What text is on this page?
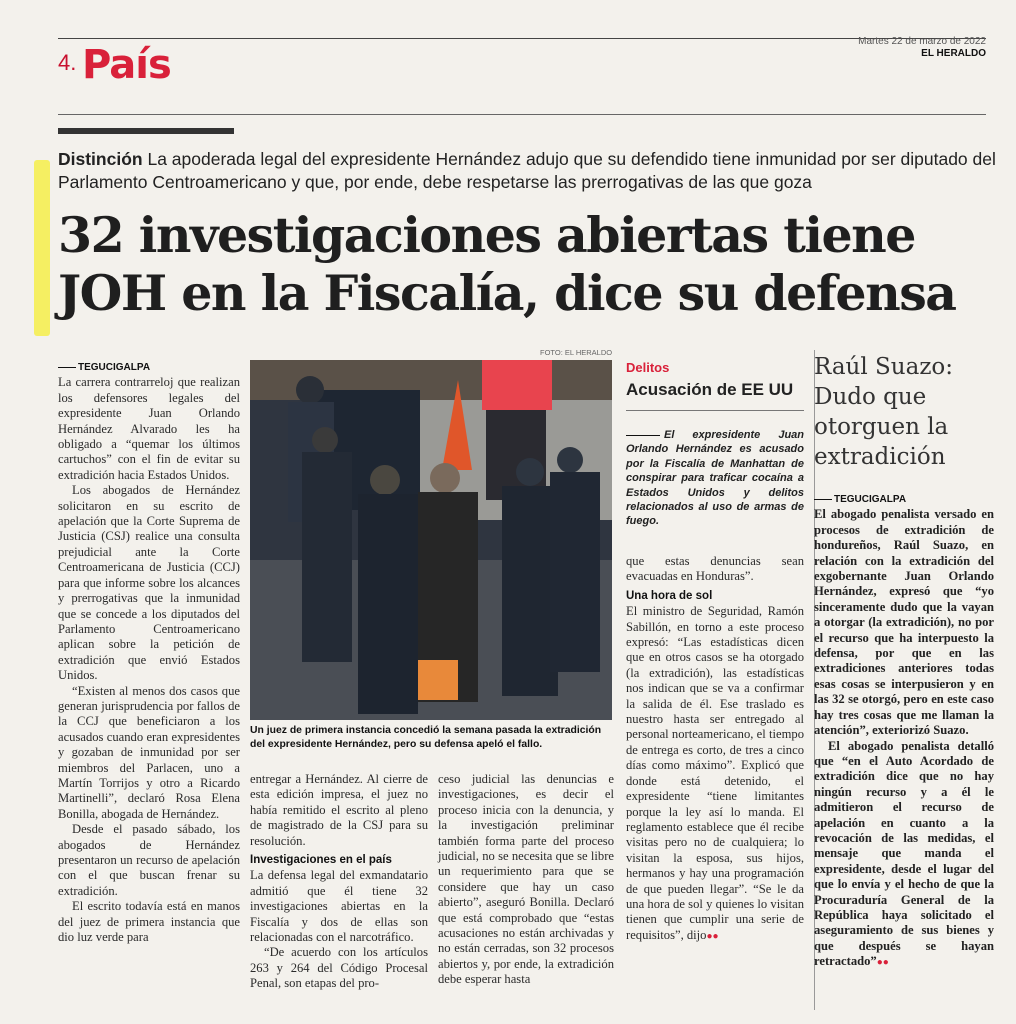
4. País
Martes 22 de marzo de 2022
EL HERALDO
Distinción La apoderada legal del expresidente Hernández adujo que su defendido tiene inmunidad por ser diputado del Parlamento Centroamericano y que, por ende, debe respetarse las prerrogativas de las que goza
32 investigaciones abiertas tiene
JOH en la Fiscalía, dice su defensa
TEGUCIGALPA

La carrera contrarreloj que realizan los defensores legales del expresidente Juan Orlando Hernández Alvarado les ha obligado a “quemar los últimos cartuchos” con el fin de evitar su extradición hacia Estados Unidos.

Los abogados de Hernández solicitaron en su escrito de apelación que la Corte Suprema de Justicia (CSJ) realice una consulta prejudicial ante la Corte Centroamericana de Justicia (CCJ) para que informe sobre los alcances y prerrogativas que la inmunidad que se concede a los diputados del Parlamento Centroamericano aplican sobre la petición de extradición que envió Estados Unidos.

“Existen al menos dos casos que generan jurisprudencia por fallos de la CCJ que beneficiaron a los acusados cuando eran expresidentes y gozaban de inmunidad por ser miembros del Parlacen, uno a Martín Torrijos y otro a Ricardo Martinelli”, declaró Rosa Elena Bonilla, abogada de Hernández.

Desde el pasado sábado, los abogados de Hernández presentaron un recurso de apelación con el que buscan frenar su extradición.

El escrito todavía está en manos del juez de primera instancia que dio luz verde para

FOTO: EL HERALDO
Un juez de primera instancia concedió la semana pasada la extradición del expresidente Hernández, pero su defensa apeló el fallo.

entregar a Hernández. Al cierre de esta edición impresa, el juez no había remitido el escrito al pleno de magistrado de la CSJ para su resolución.

Investigaciones en el país

La defensa legal del exmandatario admitió que él tiene 32 investigaciones abiertas en la Fiscalía y dos de ellas son relacionadas con el narcotráfico.

“De acuerdo con los artículos 263 y 264 del Código Procesal Penal, son etapas del pro-

ceso judicial las denuncias e investigaciones, es decir el proceso inicia con la denuncia, y la investigación preliminar también forma parte del proceso judicial, no se necesita que se libre un requerimiento para que se considere que hay un caso abierto”, aseguró Bonilla. Declaró que está comprobado que “estas acusaciones no están archivadas y no están cerradas, son 32 procesos abiertos y, por ende, la extradición debe esperar hasta

Delitos
Acusación de EE UU
El expresidente Juan Orlando Hernández es acusado por la Fiscalía de Manhattan de conspirar para traficar cocaína a Estados Unidos y delitos relacionados al uso de armas de fuego.

que estas denuncias sean evacuadas en Honduras”.

Una hora de sol

El ministro de Seguridad, Ramón Sabillón, en torno a este proceso expresó: “Las estadísticas dicen que en otros casos se ha otorgado (la extradición), las estadísticas nos indican que se va a confirmar la salida de él. Ese traslado es nuestro hasta ser entregado al personal norteamericano, el tiempo de entrega es corto, de tres a cinco días como máximo”. Explicó que donde está detenido, el expresidente “tiene limitantes porque la ley así lo manda. El reglamento establece que él recibe visitas pero no de cualquiera; lo visitan la esposa, sus hijos, hermanos y hay una programación de que pueden llegar”. “Se le da una hora de sol y quienes lo visitan tienen que cumplir una serie de requisitos”, dijo●●

Raúl Suazo: Dudo que otorguen la extradición
TEGUCIGALPA

El abogado penalista versado en procesos de extradición de hondureños, Raúl Suazo, en relación con la extradición del exgobernante Juan Orlando Hernández, expresó que “yo sinceramente dudo que la vayan a otorgar (la extradición), no por el recurso que ha interpuesto la defensa, por que en las extradiciones anteriores todas esas cosas se interpusieron y en las 32 se otorgó, pero en este caso hay tres cosas que me llaman la atención”, exteriorizó Suazo.

El abogado penalista detalló que “en el Auto Acordado de extradición dice que no hay ningún recurso y a él le admitieron el recurso de apelación en cuanto a la revocación de las medidas, el mensaje que manda el expresidente, desde el lugar del que lo envía y el hecho de que la Procuraduría General de la República haya solicitado el aseguramiento de sus bienes y que después se hayan retractado”●●
